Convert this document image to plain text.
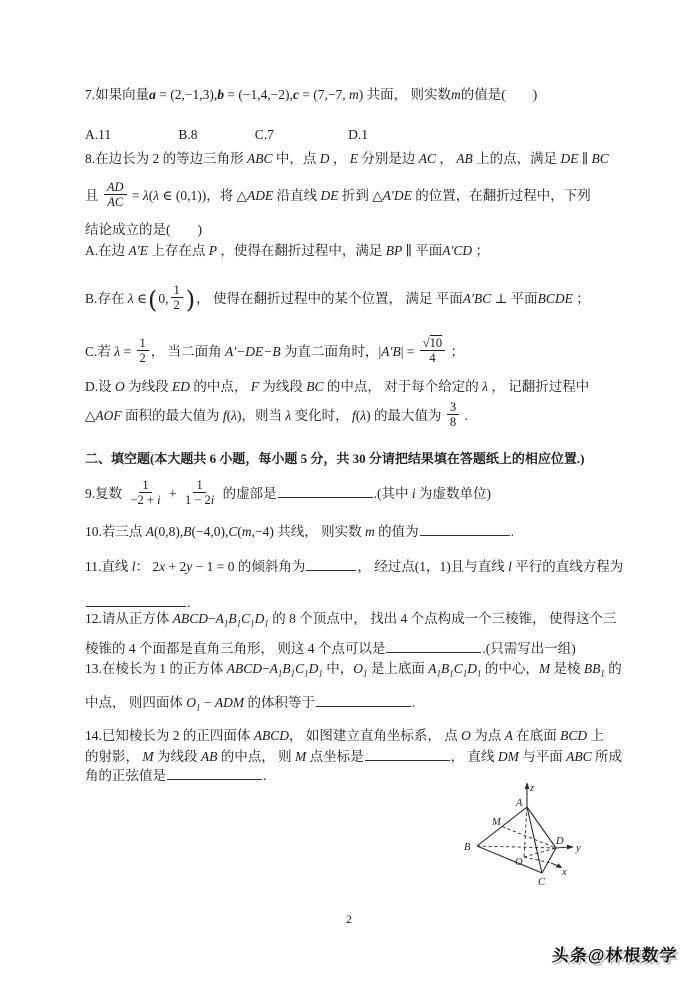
7.如果向量a = (2,−1,3),b = (−1,4,−2),c = (7,−7, m) 共面， 则实数m的值是(　　)
A.11	B.8	C.7	D.1
8.在边长为 2 的等边三角形 ABC 中，点 D ， E 分别是边 AC ， AB 上的点，满足 DE ∥ BC
且 $\frac{AD}{AC} = \lambda(\lambda$ ∈ (0,1))，将 △ADE 沿直线 DE 折到 △A′DE 的位置，在翻折过程中，下列
结论成立的是(　　)
A.在边 A′E 上存在点 P ，使得在翻折过程中，满足 BP ∥ 平面A′CD ；
B.存在 λ ∈(0, $\frac{1}{2}$ )， 使得在翻折过程中的某个位置， 满足 平面A′BC ⊥ 平面BCDE ；
C.若 $\lambda = \frac{1}{2}$ ， 当二面角 A′−DE−B 为直二面角时，$|A'B| = \frac{√10}{4}$ ；
D.设 O 为线段 ED 的中点， F 为线段 BC 的中点， 对于每个给定的 λ ， 记翻折过程中
△AOF 面积的最大值为 f(λ)，则当 λ 变化时， f(λ) 的最大值为 $\frac{3}{8}$ .
二、填空题(本大题共 6 小题，每小题 5 分，共 30 分请把结果填在答题纸上的相应位置.)
9.复数 $\frac{1}{-2 + i} + \frac{1}{1 - 2i}$ 的虚部是	.(其中 i 为虚数单位)
10.若三点 A(0,8),B(−4,0),C(m,−4) 共线， 则实数 m 的值为	.
11.直线 l： 2x + 2y − 1 = 0 的倾斜角为	， 经过点(1，1)且与直线 l 平行的直线方程为
.
12.请从正方体 $ABCD-A_1B_1C_1D_1$ 的 8 个顶点中， 找出 4 个点构成一个三棱锥， 使得这个三
棱锥的 4 个面都是直角三角形， 则这 4 个点可以是	.(只需写出一组)
13.在棱长为 1 的正方体 $ABCD-A_1B_1C_1D_1$ 中，$O_1$ 是上底面 $A_1B_1C_1D_1$ 的中心，M 是棱 $BB_1$ 的
中点， 则四面体 $O_1$ − ADM 的体积等于	.
14.已知棱长为 2 的正四面体 ABCD， 如图建立直角坐标系， 点 O 为点 A 在底面 BCD 上
的射影， M 为线段 AB 的中点， 则 M 点坐标是	， 直线 DM 与平面 ABC 所成
角的正弦值是	.
z
A
M
B
D
y
O
x
C
2
头条@林根数学
